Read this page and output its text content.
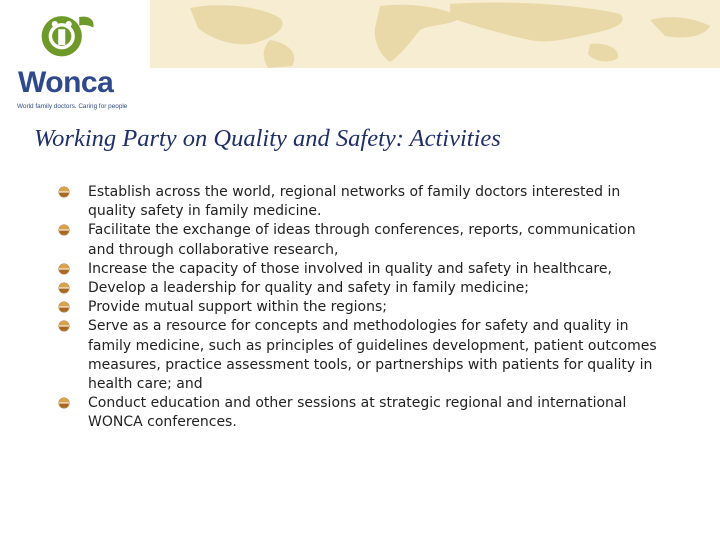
Wonca
World family doctors. Caring for people
Working Party on Quality and Safety: Activities
Establish across the world, regional networks of family doctors interested in quality safety in family medicine.
Facilitate the exchange of ideas through conferences, reports, communication and through collaborative research,
Increase the capacity of those involved in quality and safety in healthcare,
Develop a leadership for quality and safety in family medicine;
Provide mutual support within the regions;
Serve as a resource for concepts and methodologies for safety and quality in family medicine, such as principles of guidelines development, patient outcomes measures, practice assessment tools, or partnerships with patients for quality in health care; and
Conduct education and other sessions at strategic regional and international WONCA conferences.
